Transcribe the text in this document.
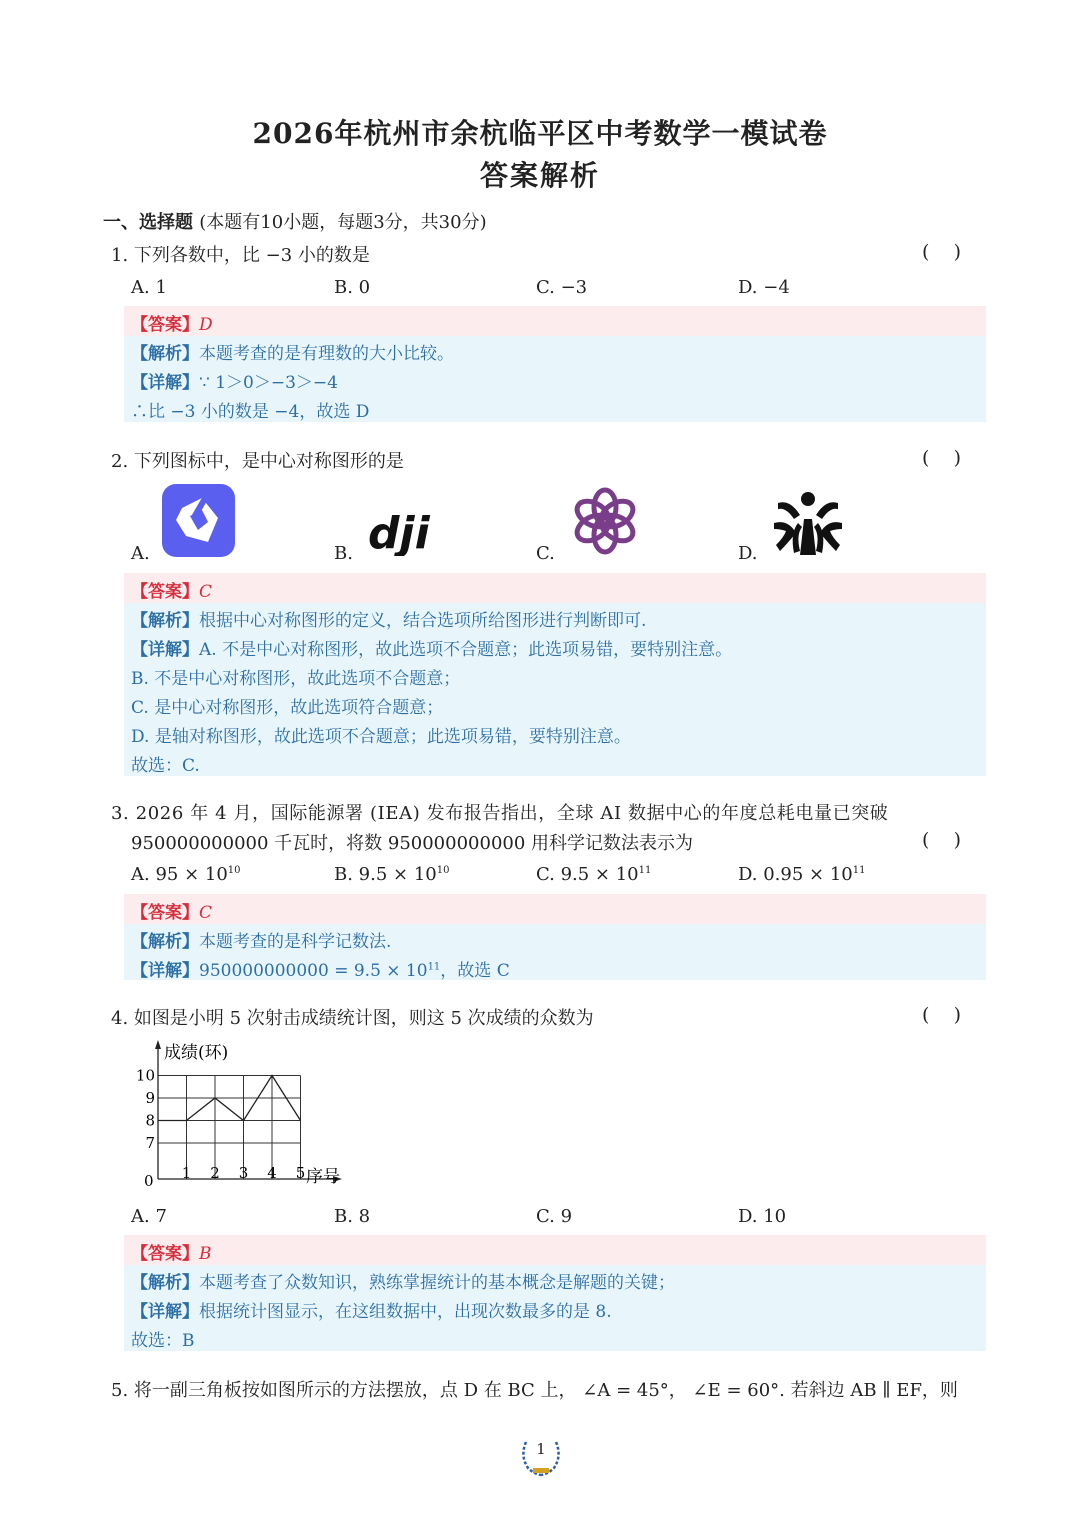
2026年杭州市余杭临平区中考数学一模试卷
答案解析
一、选择题 (本题有10小题，每题3分，共30分)
1. 下列各数中，比 −3 小的数是	(    )
A. 1	B. 0	C. −3	D. −4
【答案】D
【解析】本题考查的是有理数的大小比较。
【详解】∵ 1＞0＞−3＞−4
∴比 −3 小的数是 −4，故选 D
2. 下列图标中，是中心对称图形的是	(    )
A.	B.	C.	D.
dji
【答案】C
【解析】根据中心对称图形的定义，结合选项所给图形进行判断即可.
【详解】A. 不是中心对称图形，故此选项不合题意；此选项易错，要特别注意。
B. 不是中心对称图形，故此选项不合题意；
C. 是中心对称图形，故此选项符合题意；
D. 是轴对称图形，故此选项不合题意；此选项易错，要特别注意。
故选：C.
3. 2026 年 4 月，国际能源署 (IEA) 发布报告指出，全球 AI 数据中心的年度总耗电量已突破
950000000000 千瓦时，将数 950000000000 用科学记数法表示为	(    )
A. $95 \times 10^{10}$	B. $9.5 \times 10^{10}$	C. $9.5 \times 10^{11}$	D. $0.95 \times 10^{11}$
【答案】C
【解析】本题考查的是科学记数法.
【详解】$950000000000 = 9.5 \times 10^{11}$，故选 C
4. 如图是小明 5 次射击成绩统计图，则这 5 次成绩的众数为	(    )
成绩(环)
序号
0
7
8
9
10
1 2 3 4 5
A. 7	B. 8	C. 9	D. 10
【答案】B
【解析】本题考查了众数知识，熟练掌握统计的基本概念是解题的关键；
【详解】根据统计图显示，在这组数据中，出现次数最多的是 8.
故选：B
5. 将一副三角板按如图所示的方法摆放，点 D 在 BC 上， ∠A = 45°， ∠E = 60°. 若斜边 AB ∥ EF，则
1
